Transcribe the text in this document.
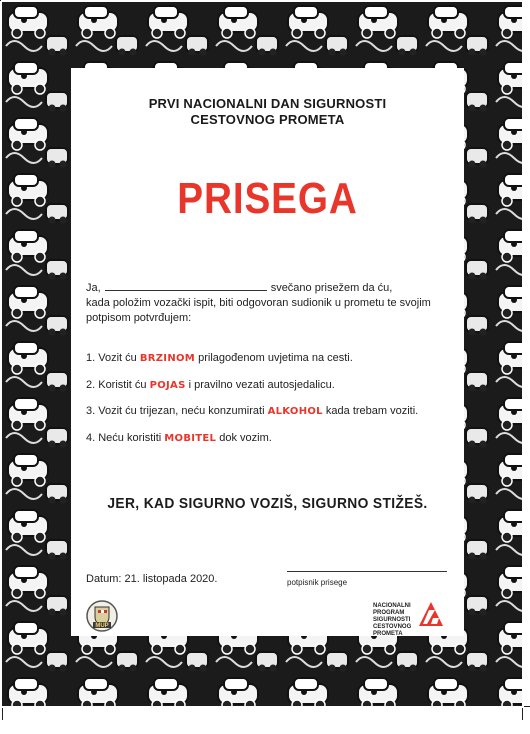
PRVI NACIONALNI DAN SIGURNOSTI
CESTOVNOG PROMETA
PRISEGA
Ja,	svečano prisežem da ću,
kada položim vozački ispit, biti odgovoran sudionik u prometu te svojim
potpisom potvrđujem:
1. Vozit ću BRZINOM prilagođenom uvjetima na cesti.
2. Koristit ću POJAS i pravilno vezati autosjedalicu.
3. Vozit ću trijezan, neću konzumirati ALKOHOL kada trebam voziti.
4. Neću koristiti MOBITEL dok vozim.
JER, KAD SIGURNO VOZIŠ, SIGURNO STIŽEŠ.
Datum: 21. listopada 2020.	potpisnik prisege
MUP
NACIONALNI
PROGRAM
SIGURNOSTI
CESTOVNOG
PROMETA
